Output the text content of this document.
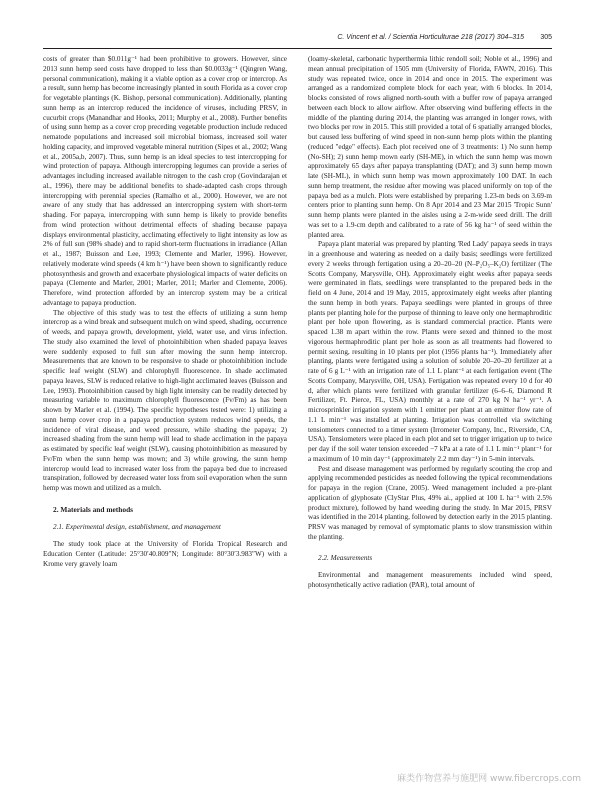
C. Vincent et al. / Scientia Horticulturae 218 (2017) 304–315 305

costs of greater than $0.011g⁻¹ had been prohibitive to growers. However, since 2013 sunn hemp seed costs have dropped to less than $0.0033g⁻¹ (Qingren Wang, personal communication), making it a viable option as a cover crop or intercrop. As a result, sunn hemp has become increasingly planted in south Florida as a cover crop for vegetable plantings (K. Bishop, personal communication). Additionally, planting sunn hemp as an intercrop reduced the incidence of viruses, including PRSV, in cucurbit crops (Manandhar and Hooks, 2011; Murphy et al., 2008). Further benefits of using sunn hemp as a cover crop preceding vegetable production include reduced nematode populations and increased soil microbial biomass, increased soil water holding capacity, and improved vegetable mineral nutrition (Sipes et al., 2002; Wang et al., 2005a,b, 2007). Thus, sunn hemp is an ideal species to test intercropping for wind protection of papaya. Although intercropping legumes can provide a series of advantages including increased available nitrogen to the cash crop (Govindarajan et al., 1996), there may be additional benefits to shade-adapted cash crops through intercropping with perennial species (Ramalho et al., 2000). However, we are not aware of any study that has addressed an intercropping system with short-term shading. For papaya, intercropping with sunn hemp is likely to provide benefits from wind protection without detrimental effects of shading because papaya displays environmental plasticity, acclimating effectively to light intensity as low as 2% of full sun (98% shade) and to rapid short-term fluctuations in irradiance (Allan et al., 1987; Buisson and Lee, 1993; Clemente and Marler, 1996). However, relatively moderate wind speeds (4 km h⁻¹) have been shown to significantly reduce photosynthesis and growth and exacerbate physiological impacts of water deficits on papaya (Clemente and Marler, 2001; Marler, 2011; Marler and Clemente, 2006). Therefore, wind protection afforded by an intercrop system may be a critical advantage to papaya production.

The objective of this study was to test the effects of utilizing a sunn hemp intercrop as a wind break and subsequent mulch on wind speed, shading, occurrence of weeds, and papaya growth, development, yield, water use, and virus infection. The study also examined the level of photoinhibition when shaded papaya leaves were suddenly exposed to full sun after mowing the sunn hemp intercrop. Measurements that are known to be responsive to shade or photoinhibition include specific leaf weight (SLW) and chlorophyll fluorescence. In shade acclimated papaya leaves, SLW is reduced relative to high-light acclimated leaves (Buisson and Lee, 1993). Photoinhibition caused by high light intensity can be readily detected by measuring variable to maximum chlorophyll fluorescence (Fv/Fm) as has been shown by Marler et al. (1994). The specific hypotheses tested were: 1) utilizing a sunn hemp cover crop in a papaya production system reduces wind speeds, the incidence of viral disease, and weed pressure, while shading the papaya; 2) increased shading from the sunn hemp will lead to shade acclimation in the papaya as estimated by specific leaf weight (SLW), causing photoinhibition as measured by Fv/Fm when the sunn hemp was mown; and 3) while growing, the sunn hemp intercrop would lead to increased water loss from the papaya bed due to increased transpiration, followed by decreased water loss from soil evaporation when the sunn hemp was mown and utilized as a mulch.

2. Materials and methods

2.1. Experimental design, establishment, and management

The study took place at the University of Florida Tropical Research and Education Center (Latitude: 25°30′40.809″N; Longitude: 80°30′3.983″W) with a Krome very gravely loam

(loamy-skeletal, carbonatic hyperthermia lithic rendoll soil; Noble et al., 1996) and mean annual precipitation of 1505 mm (University of Florida, FAWN, 2016). This study was repeated twice, once in 2014 and once in 2015. The experiment was arranged as a randomized complete block for each year, with 6 blocks. In 2014, blocks consisted of rows aligned north-south with a buffer row of papaya arranged between each block to allow airflow. After observing wind buffering effects in the middle of the planting during 2014, the planting was arranged in longer rows, with two blocks per row in 2015. This still provided a total of 6 spatially arranged blocks, but caused less buffering of wind speed in non-sunn hemp plots within the planting (reduced "edge" effects). Each plot received one of 3 treatments: 1) No sunn hemp (No-SH); 2) sunn hemp mown early (SH-ME), in which the sunn hemp was mown approximately 65 days after papaya transplanting (DAT); and 3) sunn hemp mown late (SH-ML), in which sunn hemp was mown approximately 100 DAT. In each sunn hemp treatment, the residue after mowing was placed uniformly on top of the papaya bed as a mulch. Plots were established by preparing 1.23-m beds on 3.69-m centers prior to planting sunn hemp. On 8 Apr 2014 and 23 Mar 2015 'Tropic Sunn' sunn hemp plants were planted in the aisles using a 2-m-wide seed drill. The drill was set to a 1.9-cm depth and calibrated to a rate of 56 kg ha⁻¹ of seed within the planted area.

Papaya plant material was prepared by planting 'Red Lady' papaya seeds in trays in a greenhouse and watering as needed on a daily basis; seedlings were fertilized every 2 weeks through fertigation using a 20–20–20 (N–P₂O₅–K₂O) fertilizer (The Scotts Company, Marysville, OH). Approximately eight weeks after papaya seeds were germinated in flats, seedlings were transplanted to the prepared beds in the field on 4 June, 2014 and 19 May, 2015, approximately eight weeks after planting the sunn hemp in both years. Papaya seedlings were planted in groups of three plants per planting hole for the purpose of thinning to leave only one hermaphroditic plant per hole upon flowering, as is standard commercial practice. Plants were spaced 1.38 m apart within the row. Plants were sexed and thinned to the most vigorous hermaphroditic plant per hole as soon as all treatments had flowered to permit sexing, resulting in 10 plants per plot (1956 plants ha⁻¹). Immediately after planting, plants were fertigated using a solution of soluble 20–20–20 fertilizer at a rate of 6 g L⁻¹ with an irrigation rate of 1.1 L plant⁻¹ at each fertigation event (The Scotts Company, Marysville, OH, USA). Fertigation was repeated every 10 d for 40 d, after which plants were fertilized with granular fertilizer (6–6–6, Diamond R Fertilizer, Ft. Pierce, FL, USA) monthly at a rate of 270 kg N ha⁻¹ yr⁻¹. A microsprinkler irrigation system with 1 emitter per plant at an emitter flow rate of 1.1 L min⁻¹ was installed at planting. Irrigation was controlled via switching tensiometers connected to a timer system (Irrometer Company, Inc., Riverside, CA, USA). Tensiometers were placed in each plot and set to trigger irrigation up to twice per day if the soil water tension exceeded −7 kPa at a rate of 1.1 L min⁻¹ plant⁻¹ for a maximum of 10 min day⁻¹ (approximately 2.2 mm day⁻¹) in 5-min intervals.

Pest and disease management was performed by regularly scouting the crop and applying recommended pesticides as needed following the typical recommendations for papaya in the region (Crane, 2005). Weed management included a pre-plant application of glyphosate (ClyStar Plus, 49% ai., applied at 100 L ha⁻¹ with 2.5% product mixture), followed by hand weeding during the study. In Mar 2015, PRSV was identified in the 2014 planting, followed by detection early in the 2015 planting. PRSV was managed by removal of symptomatic plants to slow transmission within the planting.

2.2. Measurements

Environmental and management measurements included wind speed, photosynthetically active radiation (PAR), total amount of

麻类作物营养与施肥网 www.fibercrops.com
